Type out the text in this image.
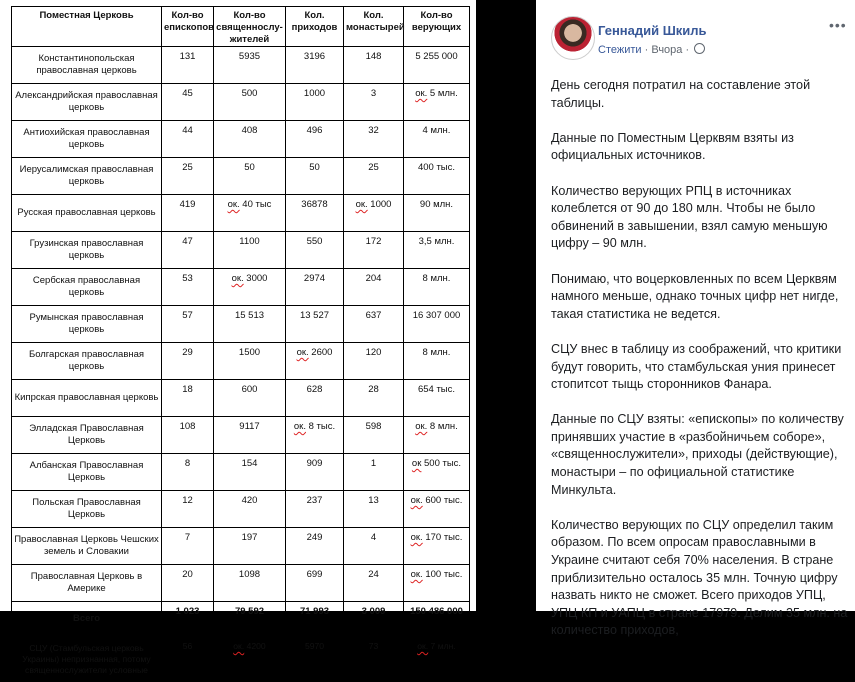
Поместная Церковь	Кол-во епископов	Кол-во священнослу-жителей	Кол. приходов	Кол. монастырей	Кол-во верующих
Константинопольская православная церковь	131	5935	3196	148	5 255 000
Александрийская православная церковь	45	500	1000	3	ок. 5 млн.
Антиохийская православная церковь	44	408	496	32	4 млн.
Иерусалимская православная церковь	25	50	50	25	400 тыс.
Русская православная церковь	419	ок. 40 тыс	36878	ок. 1000	90 млн.
Грузинская православная церковь	47	1100	550	172	3,5 млн.
Сербская православная церковь	53	ок. 3000	2974	204	8 млн.
Румынская православная церковь	57	15 513	13 527	637	16 307 000
Болгарская православная церковь	29	1500	ок. 2600	120	8 млн.
Кипрская православная церковь	18	600	628	28	654 тыс.
Элладская Православная Церковь	108	9117	ок. 8 тыс.	598	ок. 8 млн.
Албанская Православная Церковь	8	154	909	1	ок 500 тыс.
Польская Православная Церковь	12	420	237	13	ок. 600 тыс.
Православная Церковь Чешских земель и Словакии	7	197	249	4	ок. 170 тыс.
Православная Церковь в Америке	20	1098	699	24	ок. 100 тыс.
Всего	1 023	79 592	71 993	3 009	150 486 000
СЦУ (Стамбульская церковь Украины) непризнанная, потому священнослужители условные	56	ок. 4200	5970	73	ок. 7 млн.
Геннадий Шкиль
Стежити · Вчора ·
•••

День сегодня потратил на составление этой таблицы.

Данные по Поместным Церквям взяты из официальных источников.

Количество верующих РПЦ в источниках колеблется от 90 до 180 млн. Чтобы не было обвинений в завышении, взял самую меньшую цифру – 90 млн.

Понимаю, что воцерковленных по всем Церквям намного меньше, однако точных цифр нет нигде, такая статистика не ведется.

СЦУ внес в таблицу из соображений, что критики будут говорить, что стамбульская уния принесет стопитсот тыщь сторонников Фанара.

Данные по СЦУ взяты: «епископы» по количеству принявших участие в «разбойничьем соборе», «священнослужители», приходы (действующие), монастыри – по официальной статистике Минкульта.

Количество верующих по СЦУ определил таким образом. По всем опросам православными в Украине считают себя 70% населения. В стране приблизительно осталось 35 млн. Точную цифру назвать никто не сможет. Всего приходов УПЦ, УПЦ КП и УАПЦ в стране 17979. Делим 35 млн. на количество приходов,
